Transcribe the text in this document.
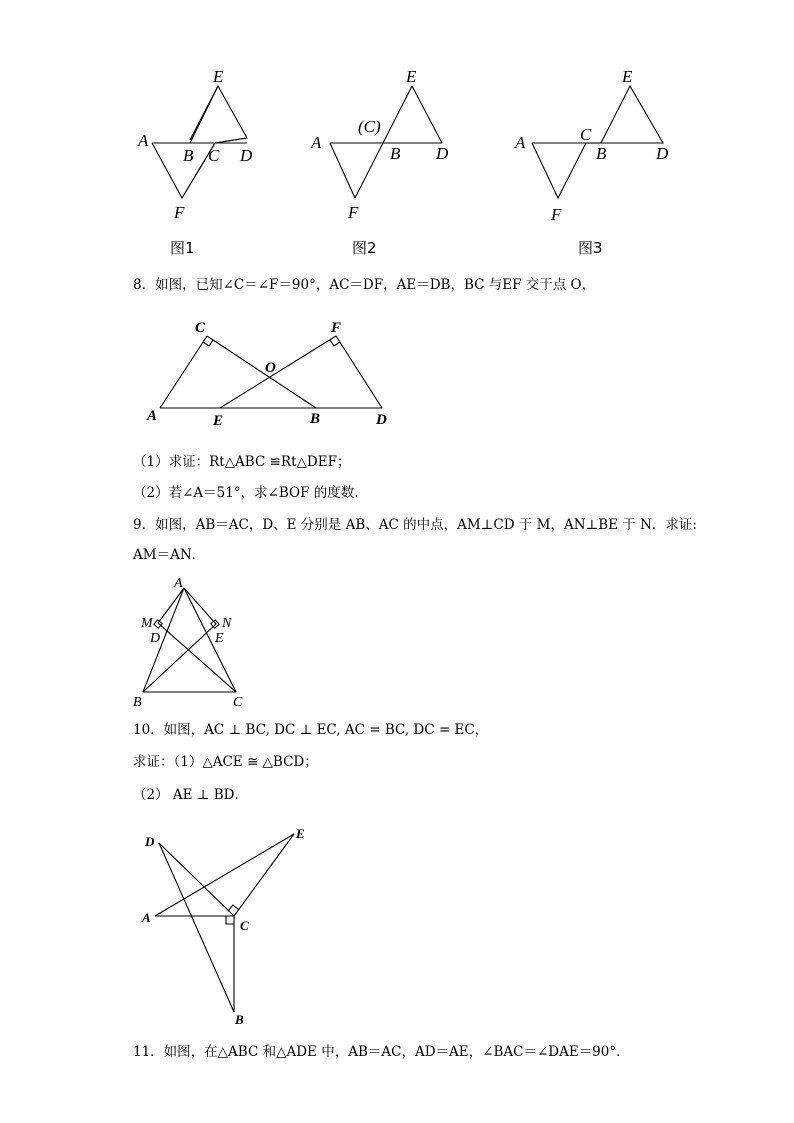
E
A
B C D
F
图1
E
(C)
A
B D
F
图2
E
C
A
B	D
F
图3
8．如图，已知∠C＝∠F＝90°，AC＝DF，AE＝DB，BC 与EF 交于点 O，
C	F
O
A	E	B	D
（1）求证：Rt△ABC ≌Rt△DEF；
（2）若∠A＝51°，求∠BOF 的度数．
9．如图，AB＝AC，D、E 分别是 AB、AC 的中点，AM⊥CD 于 M，AN⊥BE 于 N．求证:
AM＝AN．
A
M	N
D	E
B	C
10．如图，AC ⊥ BC, DC ⊥ EC, AC = BC, DC = EC，
求证：（1）△ACE ≅ △BCD；
（2） AE ⊥ BD．
D
E
A
C
B
11．如图，在△ABC 和△ADE 中，AB＝AC，AD＝AE，∠BAC＝∠DAE＝90°．
